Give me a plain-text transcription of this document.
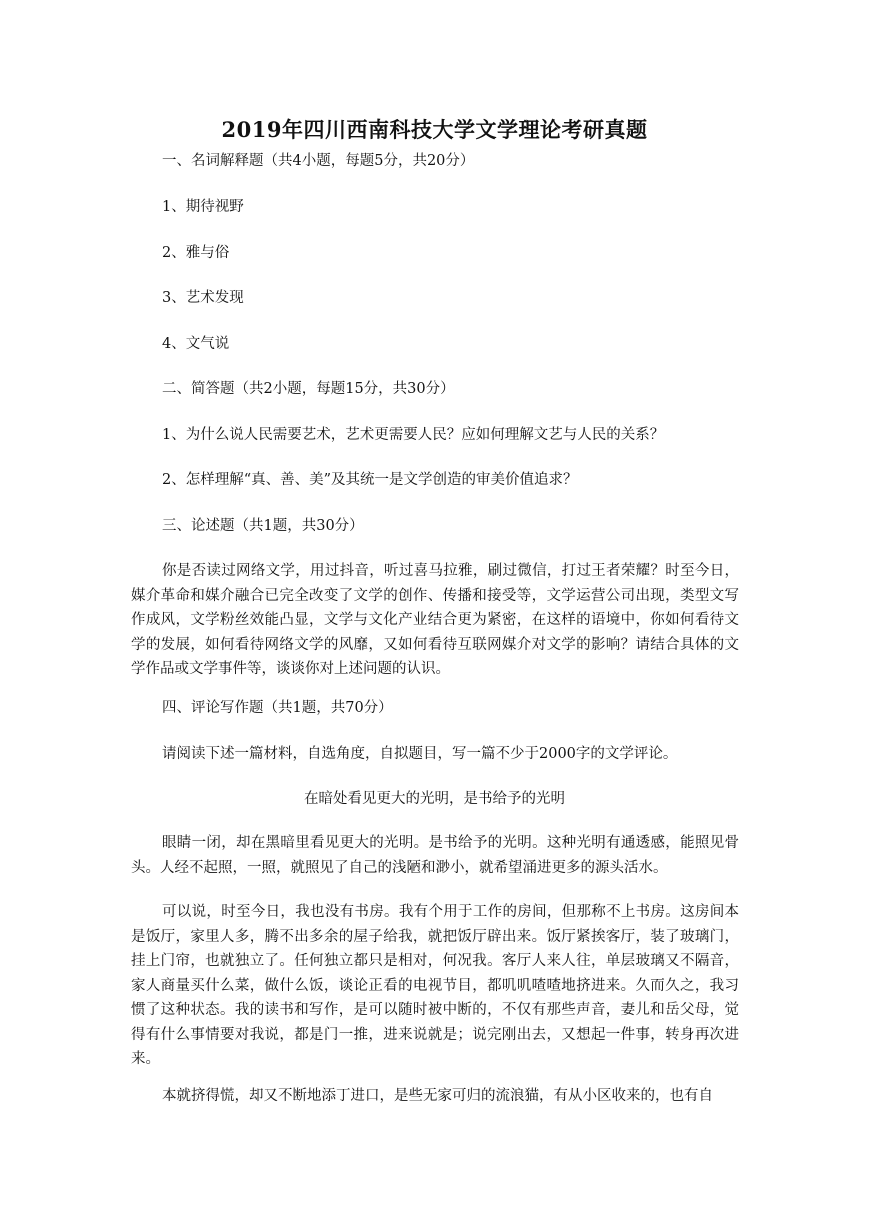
2019年四川西南科技大学文学理论考研真题

一、名词解释题（共4小题，每题5分，共20分）

1、期待视野

2、雅与俗

3、艺术发现

4、文气说

二、简答题（共2小题，每题15分，共30分）

1、为什么说人民需要艺术，艺术更需要人民？应如何理解文艺与人民的关系？

2、怎样理解“真、善、美”及其统一是文学创造的审美价值追求？

三、论述题（共1题，共30分）

你是否读过网络文学，用过抖音，听过喜马拉雅，刷过微信，打过王者荣耀？时至今日，媒介革命和媒介融合已完全改变了文学的创作、传播和接受等，文学运营公司出现，类型文写作成风，文学粉丝效能凸显，文学与文化产业结合更为紧密，在这样的语境中，你如何看待文学的发展，如何看待网络文学的风靡，又如何看待互联网媒介对文学的影响？请结合具体的文学作品或文学事件等，谈谈你对上述问题的认识。

四、评论写作题（共1题，共70分）

请阅读下述一篇材料，自选角度，自拟题目，写一篇不少于2000字的文学评论。

在暗处看见更大的光明，是书给予的光明

眼睛一闭，却在黑暗里看见更大的光明。是书给予的光明。这种光明有通透感，能照见骨头。人经不起照，一照，就照见了自己的浅陋和渺小，就希望涌进更多的源头活水。

可以说，时至今日，我也没有书房。我有个用于工作的房间，但那称不上书房。这房间本是饭厅，家里人多，腾不出多余的屋子给我，就把饭厅辟出来。饭厅紧挨客厅，装了玻璃门，挂上门帘，也就独立了。任何独立都只是相对，何况我。客厅人来人往，单层玻璃又不隔音，家人商量买什么菜，做什么饭，谈论正看的电视节目，都叽叽喳喳地挤进来。久而久之，我习惯了这种状态。我的读书和写作，是可以随时被中断的，不仅有那些声音，妻儿和岳父母，觉得有什么事情要对我说，都是门一推，进来说就是；说完刚出去，又想起一件事，转身再次进来。

本就挤得慌，却又不断地添丁进口，是些无家可归的流浪猫，有从小区收来的，也有自
